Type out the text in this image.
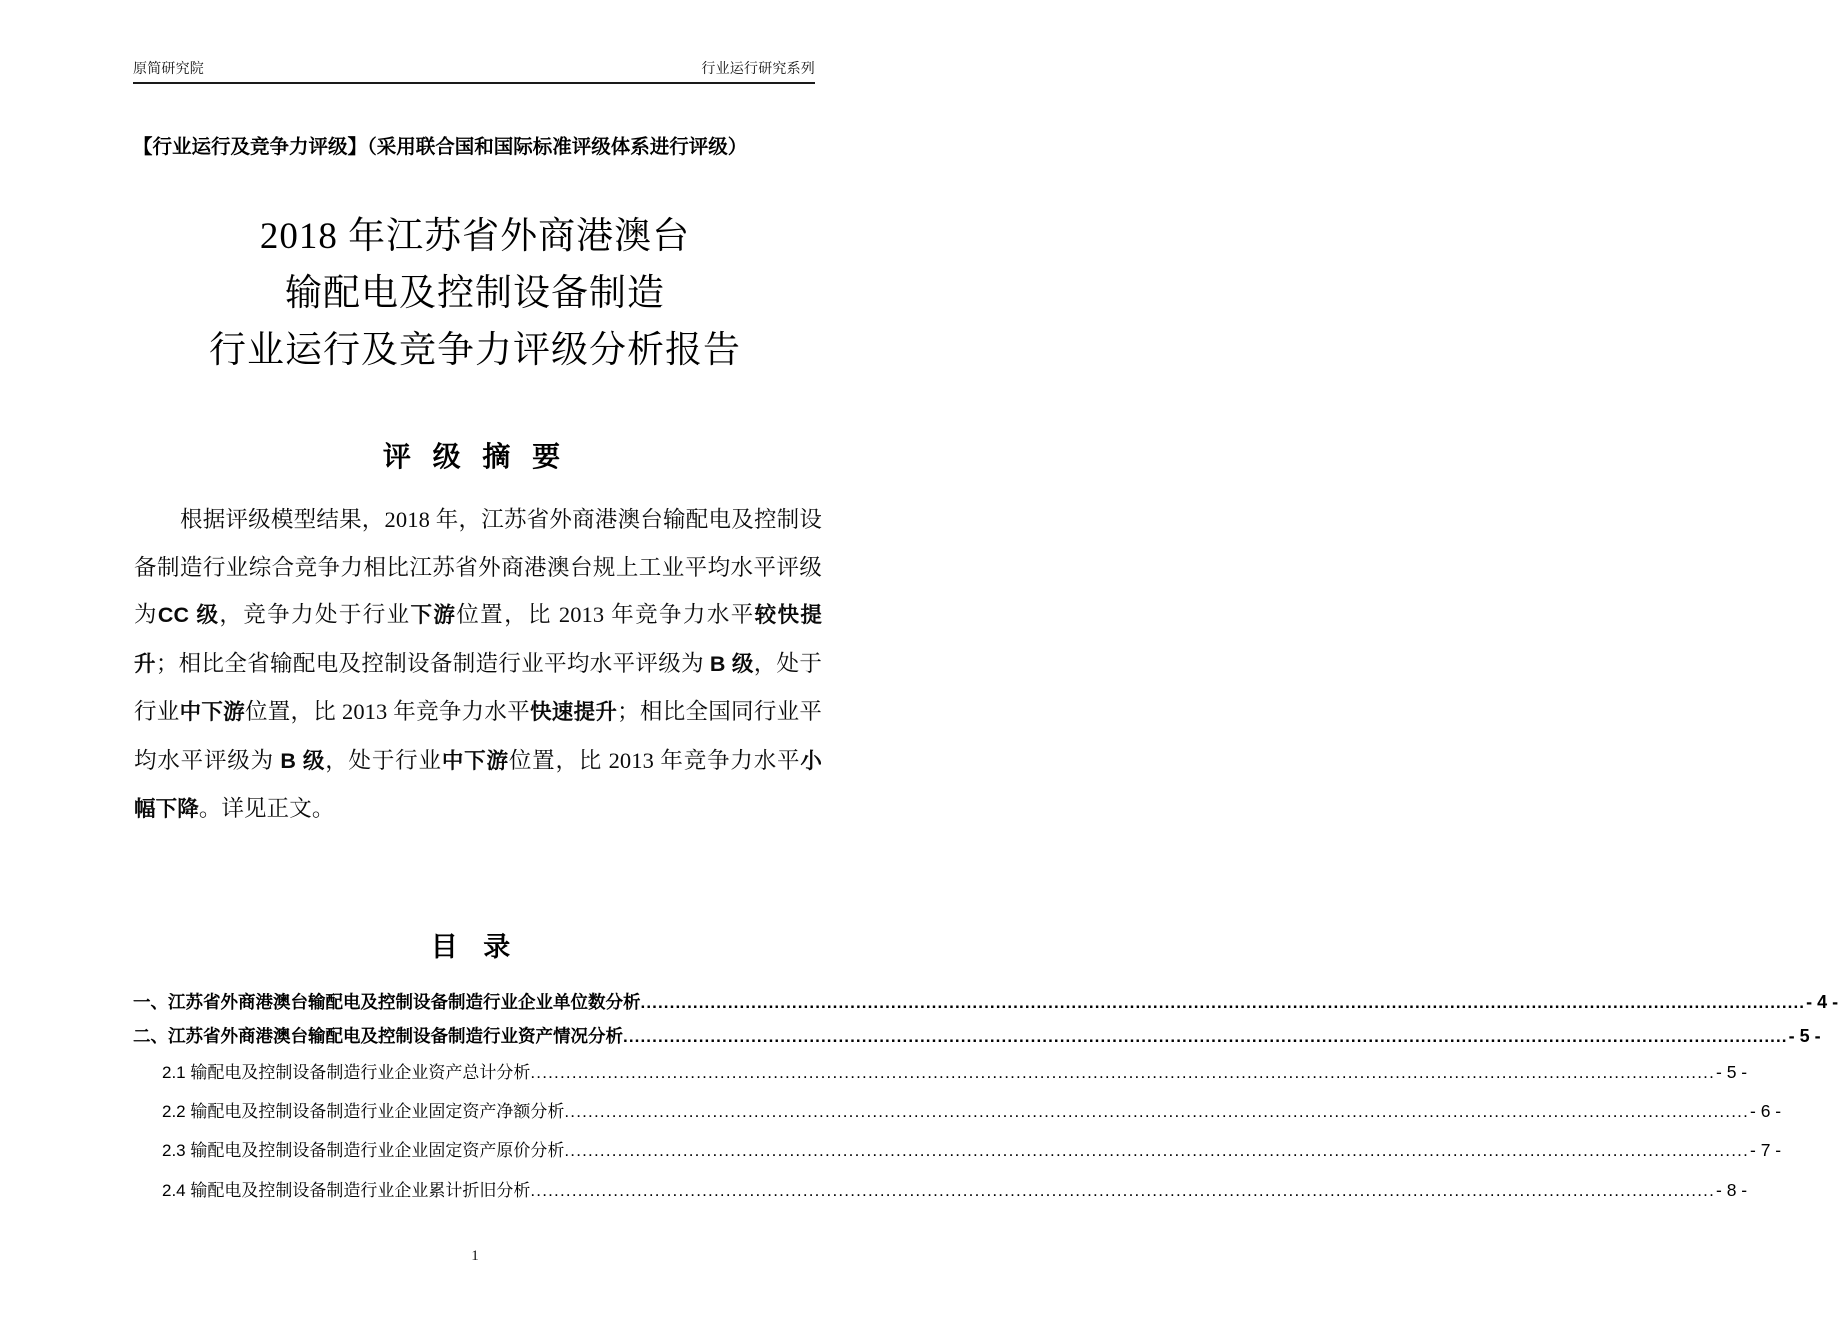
原简研究院	行业运行研究系列
【行业运行及竞争力评级】（采用联合国和国际标准评级体系进行评级）
2018 年江苏省外商港澳台
输配电及控制设备制造
行业运行及竞争力评级分析报告
评 级 摘 要
根据评级模型结果，2018 年，江苏省外商港澳台输配电及控制设备制造行业综合竞争力相比江苏省外商港澳台规上工业平均水平评级为CC 级，竞争力处于行业下游位置，比 2013 年竞争力水平较快提升；相比全省输配电及控制设备制造行业平均水平评级为 B 级，处于行业中下游位置，比 2013 年竞争力水平快速提升；相比全国同行业平均水平评级为 B 级，处于行业中下游位置，比 2013 年竞争力水平小幅下降。详见正文。
目 录
一、江苏省外商港澳台输配电及控制设备制造行业企业单位数分析 ........................................................................................................................................................................................................ - 4 -
二、江苏省外商港澳台输配电及控制设备制造行业资产情况分析 ........................................................................................................................................................................................................ - 5 -
2.1 输配电及控制设备制造行业企业资产总计分析 ........................................................................................................................................................................................................ - 5 -
2.2 输配电及控制设备制造行业企业固定资产净额分析 ........................................................................................................................................................................................................ - 6 -
2.3 输配电及控制设备制造行业企业固定资产原价分析 ........................................................................................................................................................................................................ - 7 -
2.4 输配电及控制设备制造行业企业累计折旧分析 ........................................................................................................................................................................................................ - 8 -
1
